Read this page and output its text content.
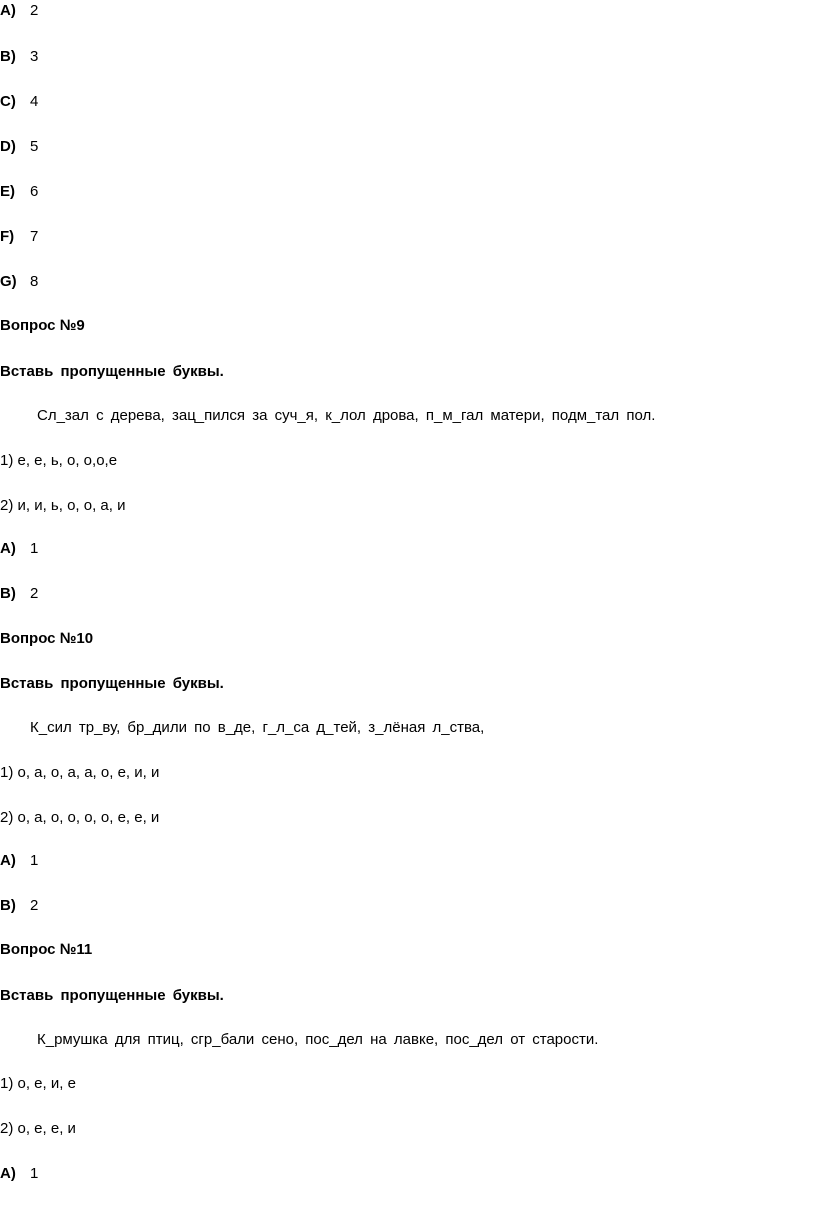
A) 2
B) 3
C) 4
D) 5
E) 6
F) 7
G) 8
Вопрос №9
Вставь пропущенные буквы.
Сл_зал с дерева, зац_пился за суч_я, к_лол дрова, п_м_гал матери, подм_тал пол.
1) е, е, ь, о, о,о,е
2) и, и, ь, о, о, а, и
A) 1
B) 2
Вопрос №10
Вставь пропущенные буквы.
К_сил тр_ву, бр_дили по в_де, г_л_са д_тей, з_лёная л_ства,
1) о, а, о, а, а, о, е, и, и
2) о, а, о, о, о, о, е, е, и
A) 1
B) 2
Вопрос №11
Вставь пропущенные буквы.
К_рмушка для птиц, сгр_бали сено, пос_дел на лавке, пос_дел от старости.
1) о, е, и, е
2) о, е, е, и
A) 1
